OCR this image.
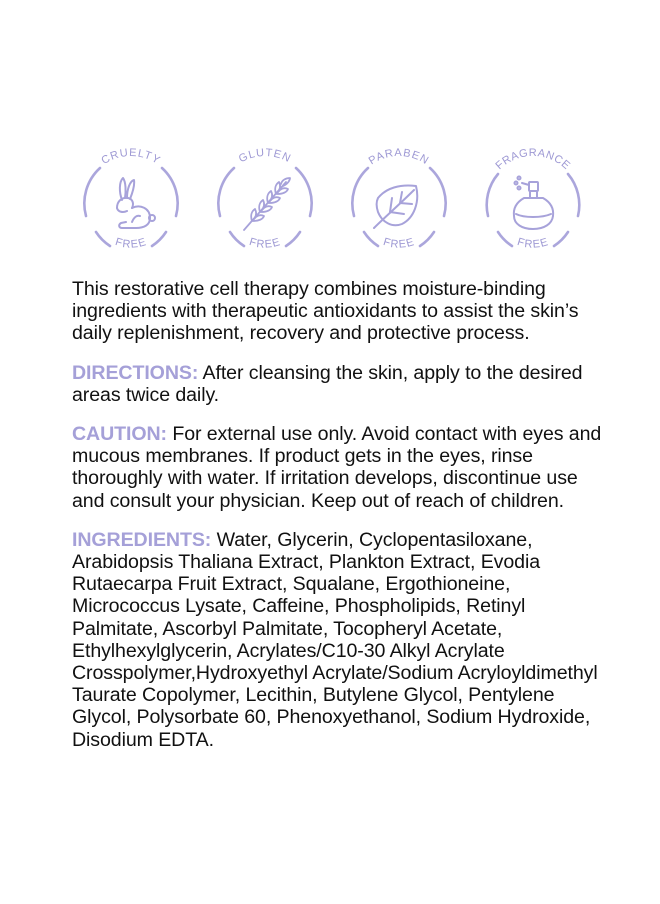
CRUELTY
FREE
GLUTEN
FREE
PARABEN
FREE
FRAGRANCE
FREE

This restorative cell therapy combines moisture-binding ingredients with therapeutic antioxidants to assist the skin’s daily replenishment, recovery and protective process.

DIRECTIONS: After cleansing the skin, apply to the desired areas twice daily.

CAUTION: For external use only. Avoid contact with eyes and mucous membranes. If product gets in the eyes, rinse thoroughly with water. If irritation develops, discontinue use and consult your physician. Keep out of reach of children.

INGREDIENTS: Water, Glycerin, Cyclopentasiloxane, Arabidopsis Thaliana Extract, Plankton Extract, Evodia Rutaecarpa Fruit Extract, Squalane, Ergothioneine, Micrococcus Lysate, Caffeine, Phospholipids, Retinyl Palmitate, Ascorbyl Palmitate, Tocopheryl Acetate, Ethylhexylglycerin, Acrylates/C10-30 Alkyl Acrylate Crosspolymer,Hydroxyethyl Acrylate/Sodium Acryloyldimethyl Taurate Copolymer, Lecithin, Butylene Glycol, Pentylene Glycol, Polysorbate 60, Phenoxyethanol, Sodium Hydroxide, Disodium EDTA.
